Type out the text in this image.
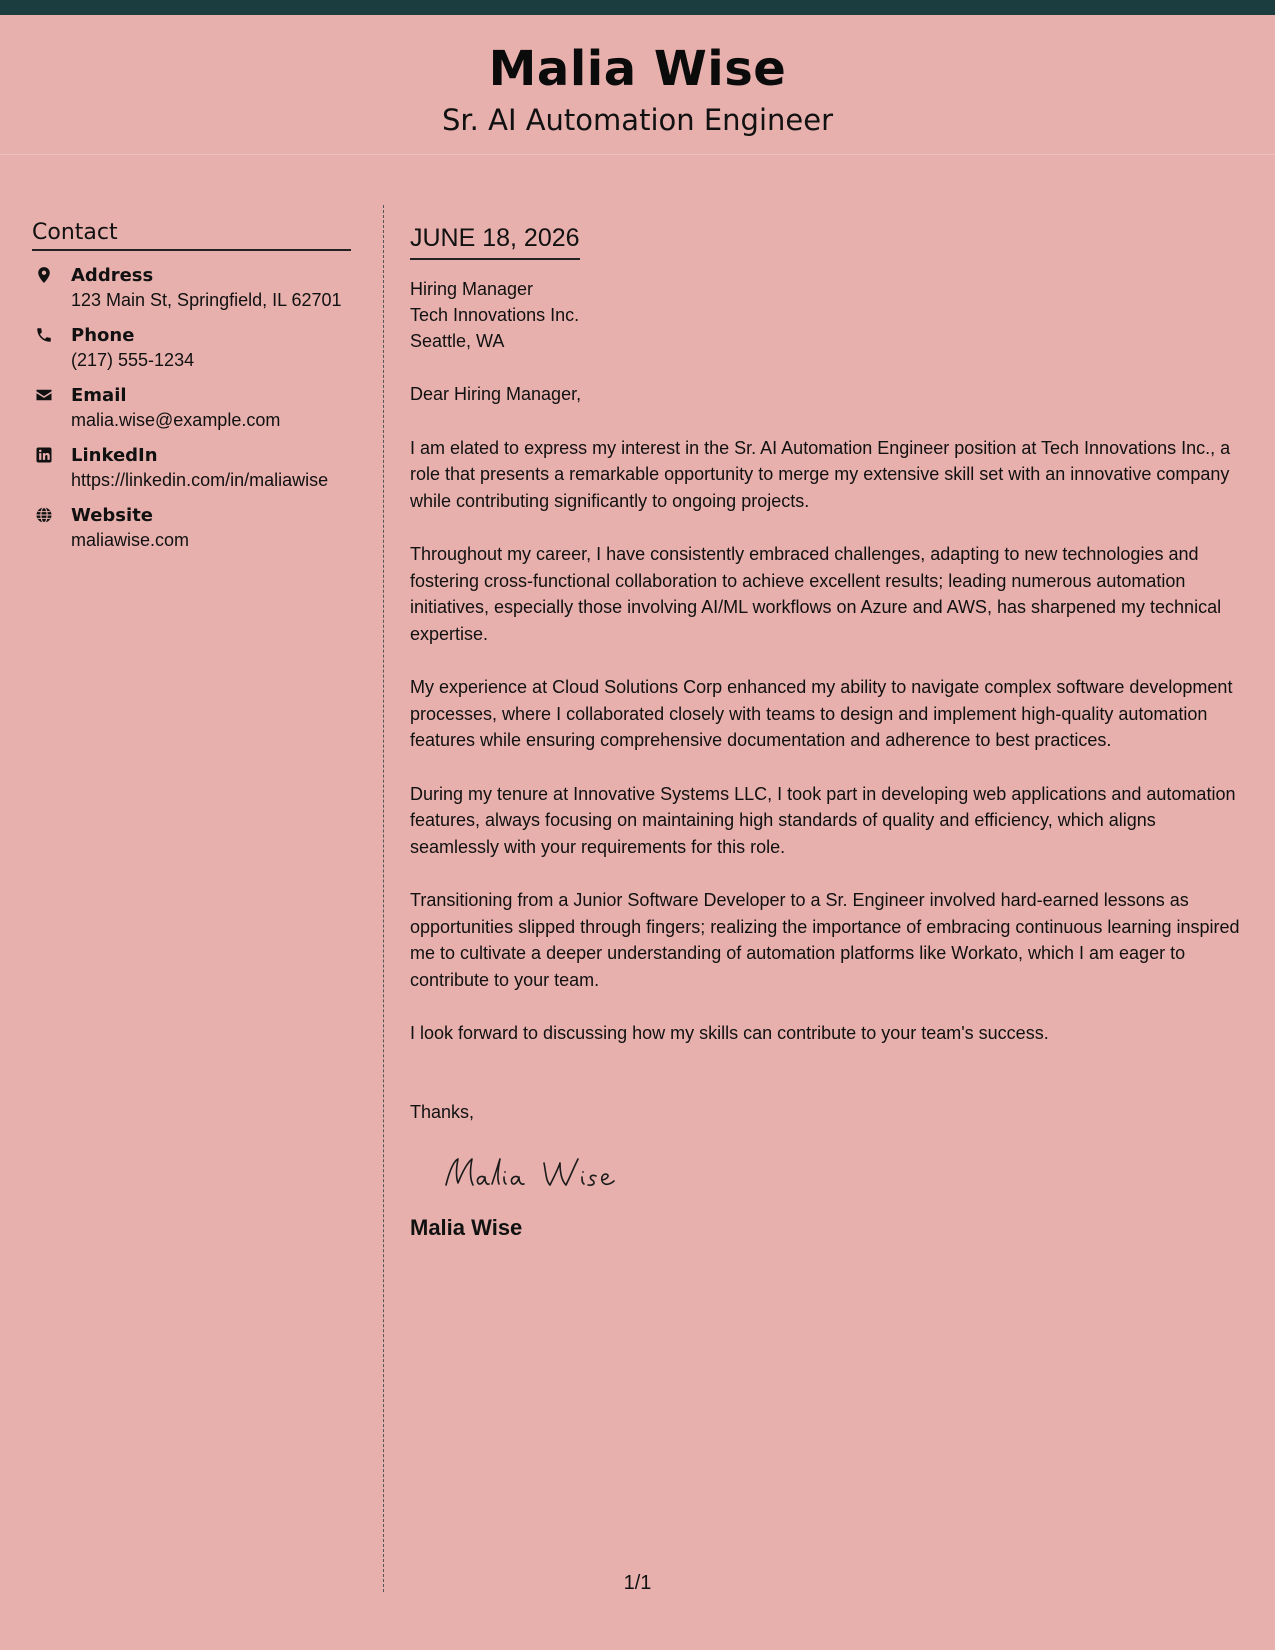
Malia Wise
Sr. AI Automation Engineer
Contact
Address
123 Main St, Springfield, IL 62701
Phone
(217) 555-1234
Email
malia.wise@example.com
LinkedIn
https://linkedin.com/in/maliawise
Website
maliawise.com
JUNE 18, 2026
Hiring Manager
Tech Innovations Inc.
Seattle, WA
Dear Hiring Manager,

I am elated to express my interest in the Sr. AI Automation Engineer position at Tech Innovations Inc., a role that presents a remarkable opportunity to merge my extensive skill set with an innovative company while contributing significantly to ongoing projects.

Throughout my career, I have consistently embraced challenges, adapting to new technologies and fostering cross-functional collaboration to achieve excellent results; leading numerous automation initiatives, especially those involving AI/ML workflows on Azure and AWS, has sharpened my technical expertise.

My experience at Cloud Solutions Corp enhanced my ability to navigate complex software development processes, where I collaborated closely with teams to design and implement high-quality automation features while ensuring comprehensive documentation and adherence to best practices.

During my tenure at Innovative Systems LLC, I took part in developing web applications and automation features, always focusing on maintaining high standards of quality and efficiency, which aligns seamlessly with your requirements for this role.

Transitioning from a Junior Software Developer to a Sr. Engineer involved hard-earned lessons as opportunities slipped through fingers; realizing the importance of embracing continuous learning inspired me to cultivate a deeper understanding of automation platforms like Workato, which I am eager to contribute to your team.

I look forward to discussing how my skills can contribute to your team's success.

Thanks,
Malia Wise
1/1
